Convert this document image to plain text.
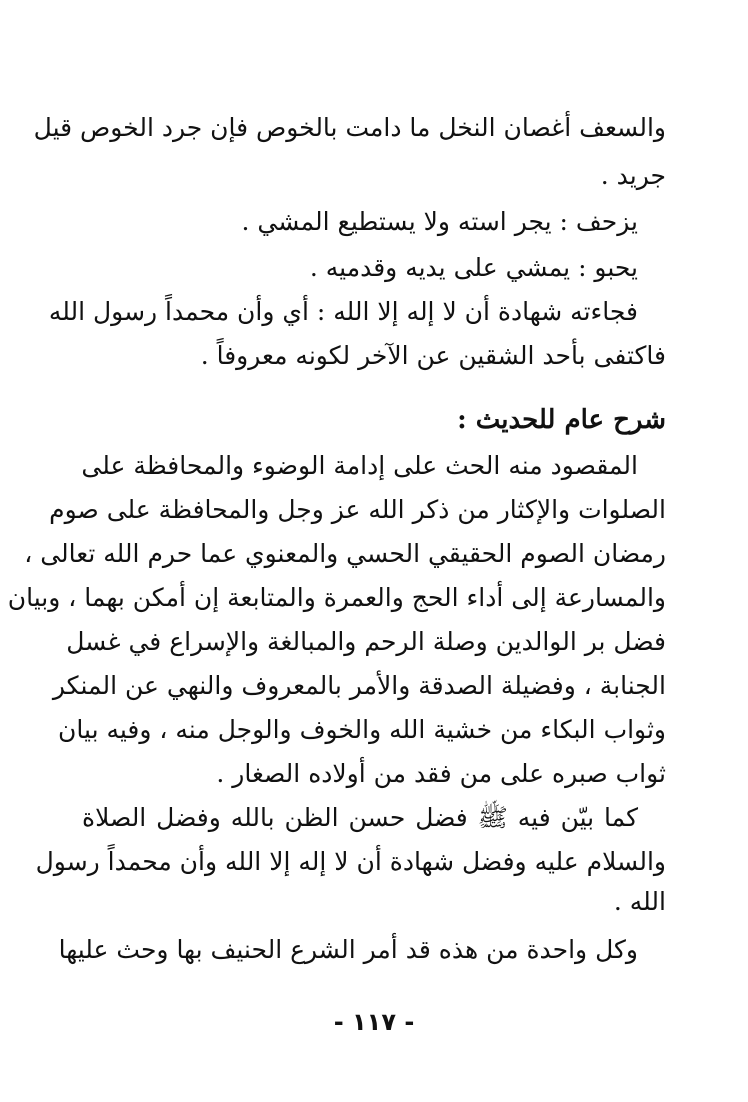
والسعف أغصان النخل ما دامت بالخوص فإن جرد الخوص قيل
جريد .
يزحف : يجر استه ولا يستطيع المشي .
يحبو : يمشي على يديه وقدميه .
فجاءته شهادة أن لا إله إلا الله : أي وأن محمداً رسول الله
فاكتفى بأحد الشقين عن الآخر لكونه معروفاً .
شرح عام للحديث :
المقصود منه الحث على إدامة الوضوء والمحافظة على
الصلوات والإكثار من ذكر الله عز وجل والمحافظة على صوم
رمضان الصوم الحقيقي الحسي والمعنوي عما حرم الله تعالى ،
والمسارعة إلى أداء الحج والعمرة والمتابعة إن أمكن بهما ، وبيان
فضل بر الوالدين وصلة الرحم والمبالغة والإسراع في غسل
الجنابة ، وفضيلة الصدقة والأمر بالمعروف والنهي عن المنكر
وثواب البكاء من خشية الله والخوف والوجل منه ، وفيه بيان
ثواب صبره على من فقد من أولاده الصغار .
كما بيّن فيه ﷺ فضل حسن الظن بالله وفضل الصلاة
والسلام عليه وفضل شهادة أن لا إله إلا الله وأن محمداً رسول
الله .
وكل واحدة من هذه قد أمر الشرع الحنيف بها وحث عليها
- ١١٧ -
